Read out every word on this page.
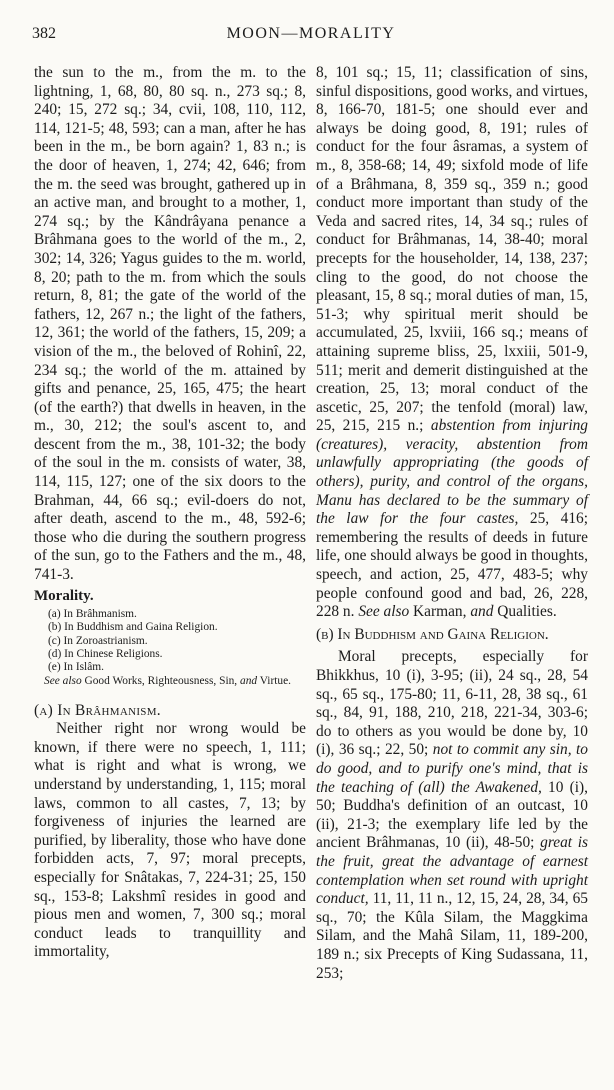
382	MOON—MORALITY

the sun to the m., from the m. to the lightning, 1, 68, 80, 80 sq. n., 273 sq.; 8, 240; 15, 272 sq.; 34, cvii, 108, 110, 112, 114, 121-5; 48, 593; can a man, after he has been in the m., be born again? 1, 83 n.; is the door of heaven, 1, 274; 42, 646; from the m. the seed was brought, gathered up in an active man, and brought to a mother, 1, 274 sq.; by the Kândrâyana penance a Brâhmana goes to the world of the m., 2, 302; 14, 326; Yagus guides to the m. world, 8, 20; path to the m. from which the souls return, 8, 81; the gate of the world of the fathers, 12, 267 n.; the light of the fathers, 12, 361; the world of the fathers, 15, 209; a vision of the m., the beloved of Rohinî, 22, 234 sq.; the world of the m. attained by gifts and penance, 25, 165, 475; the heart (of the earth?) that dwells in heaven, in the m., 30, 212; the soul's ascent to, and descent from the m., 38, 101-32; the body of the soul in the m. consists of water, 38, 114, 115, 127; one of the six doors to the Brahman, 44, 66 sq.; evil-doers do not, after death, ascend to the m., 48, 592-6; those who die during the southern progress of the sun, go to the Fathers and the m., 48, 741-3.

Morality.

(a) In Brâhmanism.
(b) In Buddhism and Gaina Religion.
(c) In Zoroastrianism.
(d) In Chinese Religions.
(e) In Islâm.

See also Good Works, Righteousness, Sin, and Virtue.

(a) In Brâhmanism.

Neither right nor wrong would be known, if there were no speech, 1, 111; what is right and what is wrong, we understand by understanding, 1, 115; moral laws, common to all castes, 7, 13; by forgiveness of injuries the learned are purified, by liberality, those who have done forbidden acts, 7, 97; moral precepts, especially for Snâtakas, 7, 224-31; 25, 150 sq., 153-8; Lakshmî resides in good and pious men and women, 7, 300 sq.; moral conduct leads to tranquillity and immortality,

8, 101 sq.; 15, 11; classification of sins, sinful dispositions, good works, and virtues, 8, 166-70, 181-5; one should ever and always be doing good, 8, 191; rules of conduct for the four âsramas, a system of m., 8, 358-68; 14, 49; sixfold mode of life of a Brâhmana, 8, 359 sq., 359 n.; good conduct more important than study of the Veda and sacred rites, 14, 34 sq.; rules of conduct for Brâhmanas, 14, 38-40; moral precepts for the householder, 14, 138, 237; cling to the good, do not choose the pleasant, 15, 8 sq.; moral duties of man, 15, 51-3; why spiritual merit should be accumulated, 25, lxviii, 166 sq.; means of attaining supreme bliss, 25, lxxiii, 501-9, 511; merit and demerit distinguished at the creation, 25, 13; moral conduct of the ascetic, 25, 207; the tenfold (moral) law, 25, 215, 215 n.; abstention from injuring (creatures), veracity, abstention from unlawfully appropriating (the goods of others), purity, and control of the organs, Manu has declared to be the summary of the law for the four castes, 25, 416; remembering the results of deeds in future life, one should always be good in thoughts, speech, and action, 25, 477, 483-5; why people confound good and bad, 26, 228, 228 n. See also Karman, and Qualities.

(b) In Buddhism and Gaina Religion.

Moral precepts, especially for Bhikkhus, 10 (i), 3-95; (ii), 24 sq., 28, 54 sq., 65 sq., 175-80; 11, 6-11, 28, 38 sq., 61 sq., 84, 91, 188, 210, 218, 221-34, 303-6; do to others as you would be done by, 10 (i), 36 sq.; 22, 50; not to commit any sin, to do good, and to purify one's mind, that is the teaching of (all) the Awakened, 10 (i), 50; Buddha's definition of an outcast, 10 (ii), 21-3; the exemplary life led by the ancient Brâhmanas, 10 (ii), 48-50; great is the fruit, great the advantage of earnest contemplation when set round with upright conduct, 11, 11, 11 n., 12, 15, 24, 28, 34, 65 sq., 70; the Kûla Silam, the Maggkima Silam, and the Mahâ Silam, 11, 189-200, 189 n.; six Precepts of King Sudassana, 11, 253;
